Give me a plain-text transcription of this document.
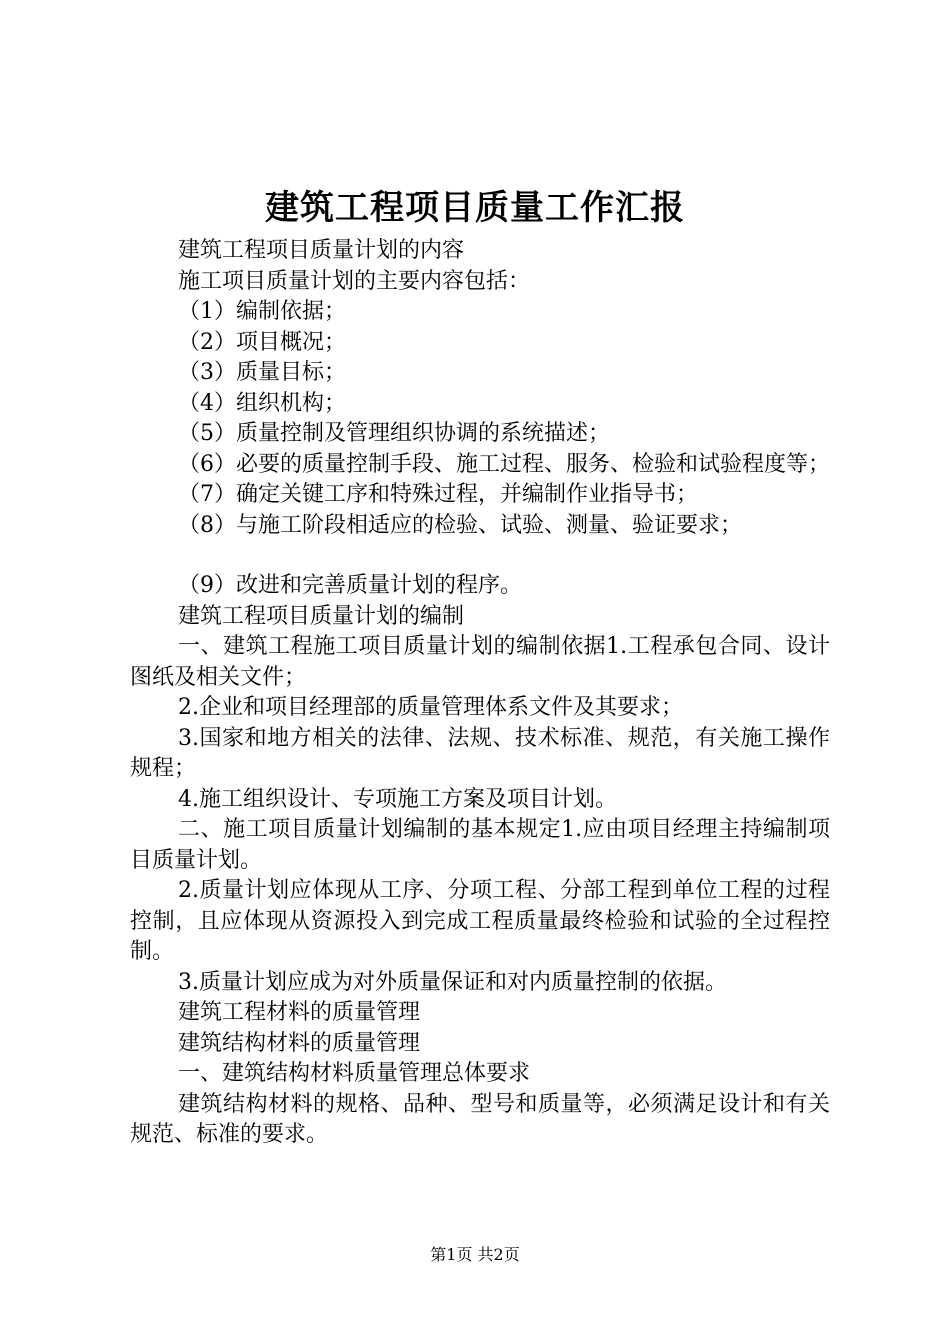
建筑工程项目质量工作汇报

建筑工程项目质量计划的内容

施工项目质量计划的主要内容包括：

（1）编制依据；

（2）项目概况；

（3）质量目标；

（4）组织机构；

（5）质量控制及管理组织协调的系统描述；

（6）必要的质量控制手段、施工过程、服务、检验和试验程度等；

（7）确定关键工序和特殊过程，并编制作业指导书；

（8）与施工阶段相适应的检验、试验、测量、验证要求；

（9）改进和完善质量计划的程序。

建筑工程项目质量计划的编制

一、建筑工程施工项目质量计划的编制依据1.工程承包合同、设计图纸及相关文件；

2.企业和项目经理部的质量管理体系文件及其要求；

3.国家和地方相关的法律、法规、技术标准、规范，有关施工操作规程；

4.施工组织设计、专项施工方案及项目计划。

二、施工项目质量计划编制的基本规定1.应由项目经理主持编制项目质量计划。

2.质量计划应体现从工序、分项工程、分部工程到单位工程的过程控制，且应体现从资源投入到完成工程质量最终检验和试验的全过程控制。

3.质量计划应成为对外质量保证和对内质量控制的依据。

建筑工程材料的质量管理

建筑结构材料的质量管理

一、建筑结构材料质量管理总体要求

建筑结构材料的规格、品种、型号和质量等，必须满足设计和有关规范、标准的要求。

第1页 共2页
